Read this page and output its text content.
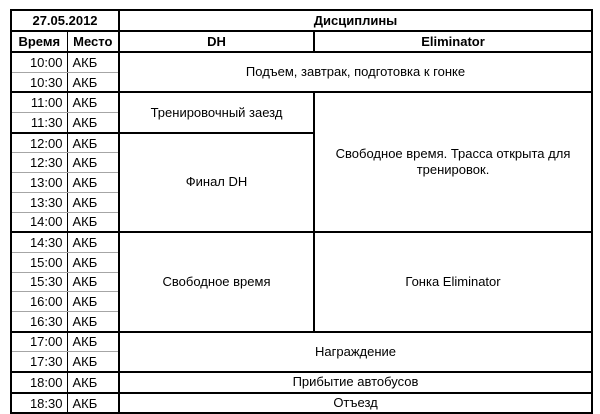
27.05.2012		Дисциплины	
Время	Место	DH	Eliminator
10:00	АКБ	Подъем, завтрак, подготовка к гонке	
10:30	АКБ		
11:00	АКБ	Тренировочный заезд	Свободное время. Трасса открыта для тренировок.
11:30	АКБ		
12:00	АКБ	Финал DH	
12:30	АКБ		
13:00	АКБ		
13:30	АКБ		
14:00	АКБ		
14:30	АКБ	Свободное время	Гонка Eliminator
15:00	АКБ		
15:30	АКБ		
16:00	АКБ		
16:30	АКБ		
17:00	АКБ	Награждение	
17:30	АКБ		
18:00	АКБ	Прибытие автобусов	
18:30	АКБ	Отъезд	
